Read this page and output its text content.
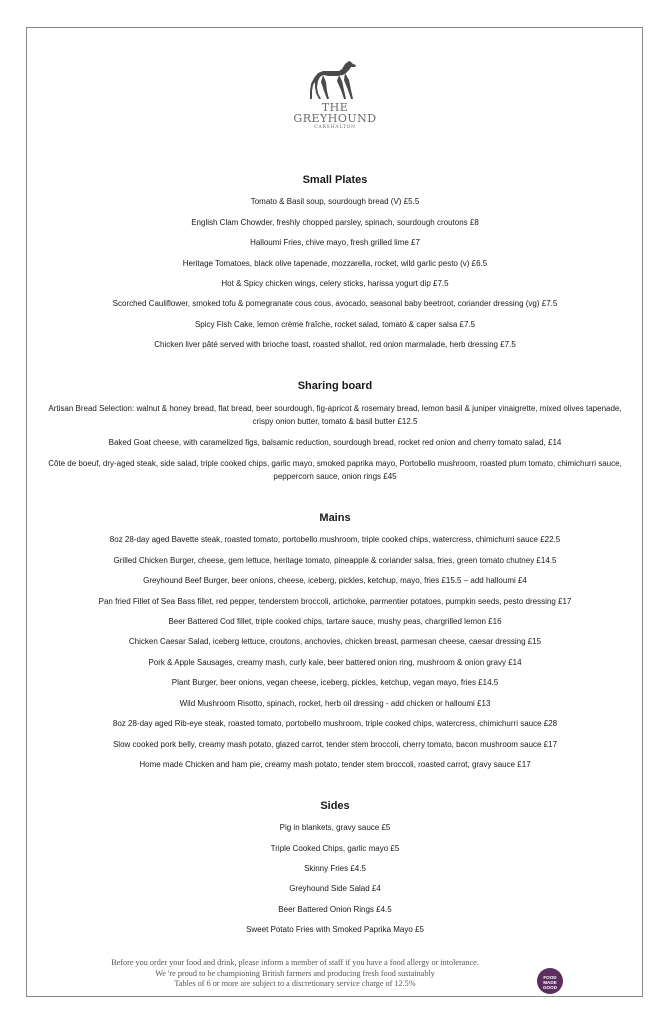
THE
GREYHOUND
CARSHALTON
Small Plates
Tomato & Basil soup, sourdough bread (V) £5.5
English Clam Chowder, freshly chopped parsley, spinach, sourdough croutons £8
Halloumi Fries, chive mayo, fresh grilled lime £7
Heritage Tomatoes, black olive tapenade, mozzarella, rocket, wild garlic pesto (v) £6.5
Hot & Spicy chicken wings, celery sticks, harissa yogurt dip £7.5
Scorched Cauliflower, smoked tofu & pomegranate cous cous, avocado, seasonal baby beetroot, coriander dressing (vg) £7.5
Spicy Fish Cake, lemon crème fraîche, rocket salad, tomato & caper salsa £7.5
Chicken liver pâté served with brioche toast, roasted shallot, red onion marmalade, herb dressing £7.5
Sharing board
Artisan Bread Selection: walnut & honey bread, flat bread, beer sourdough, fig-apricot & rosemary bread, lemon basil & juniper vinaigrette, mixed olives tapenade, crispy onion butter, tomato & basil butter £12.5
Baked Goat cheese, with caramelized figs, balsamic reduction, sourdough bread, rocket red onion and cherry tomato salad, £14
Côte de boeuf, dry-aged steak, side salad, triple cooked chips, garlic mayo, smoked paprika mayo, Portobello mushroom, roasted plum tomato, chimichurri sauce, peppercorn sauce, onion rings £45
Mains
8oz 28-day aged Bavette steak, roasted tomato, portobello mushroom, triple cooked chips, watercress, chimichurri sauce £22.5
Grilled Chicken Burger, cheese, gem lettuce, heritage tomato, pineapple & coriander salsa, fries, green tomato chutney £14.5
Greyhound Beef Burger, beer onions, cheese, iceberg, pickles, ketchup, mayo, fries £15.5 – add halloumi £4
Pan fried Fillet of Sea Bass fillet, red pepper, tenderstem broccoli, artichoke, parmentier potatoes, pumpkin seeds, pesto dressing £17
Beer Battered Cod fillet, triple cooked chips, tartare sauce, mushy peas, chargrilled lemon £16
Chicken Caesar Salad, iceberg lettuce, croutons, anchovies, chicken breast, parmesan cheese, caesar dressing £15
Pork & Apple Sausages, creamy mash, curly kale, beer battered onion ring, mushroom & onion gravy £14
Plant Burger, beer onions, vegan cheese, iceberg, pickles, ketchup, vegan mayo, fries £14.5
Wild Mushroom Risotto, spinach, rocket, herb oil dressing - add chicken or halloumi £13
8oz 28-day aged Rib-eye steak, roasted tomato, portobello mushroom, triple cooked chips, watercress, chimichurri sauce £28
Slow cooked pork belly, creamy mash potato, glazed carrot, tender stem broccoli, cherry tomato, bacon mushroom sauce £17
Home made Chicken and ham pie, creamy mash potato, tender stem broccoli, roasted carrot, gravy sauce £17
Sides
Pig in blankets, gravy sauce £5
Triple Cooked Chips, garlic mayo £5
Skinny Fries £4.5
Greyhound Side Salad £4
Beer Battered Onion Rings £4.5
Sweet Potato Fries with Smoked Paprika Mayo £5
Before you order your food and drink, please inform a member of staff if you have a food allergy or intolerance.
We 're proud to be championing British farmers and producing fresh food sustainably
Tables of 6 or more are subject to a discretionary service charge of 12.5%
FOOD
MADE
GOOD
